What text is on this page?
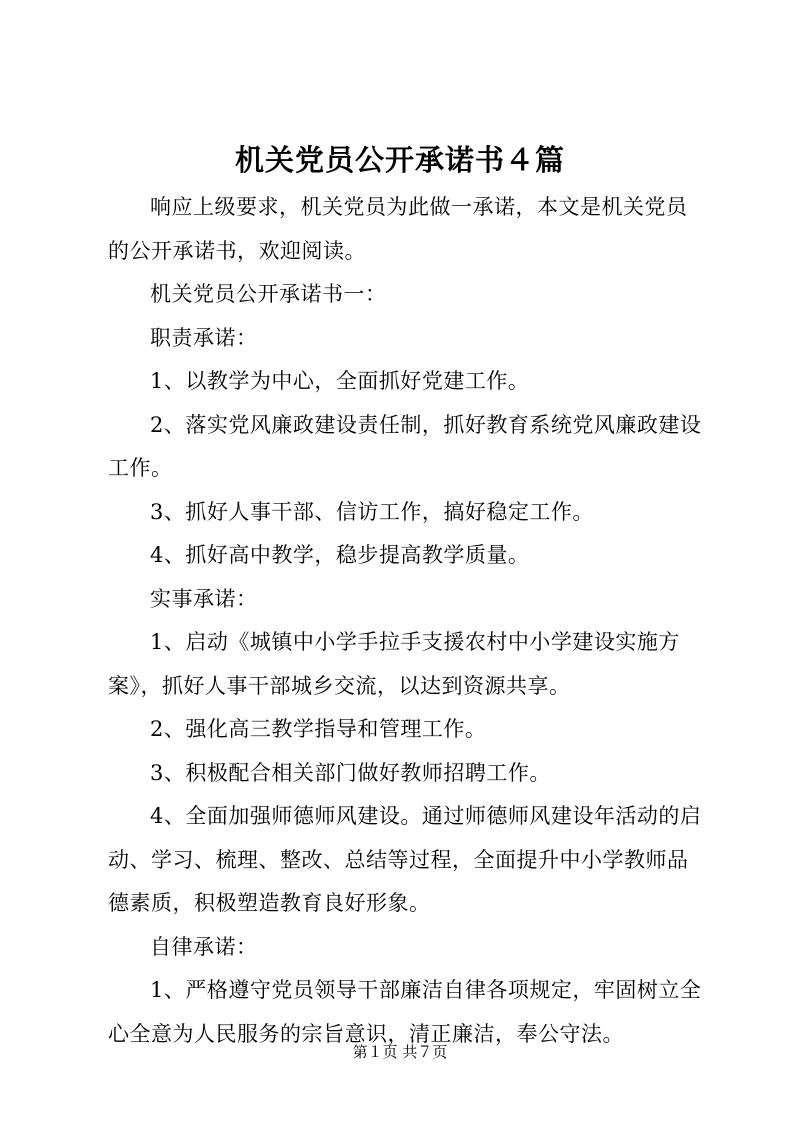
机关党员公开承诺书４篇

响应上级要求，机关党员为此做一承诺，本文是机关党员的公开承诺书，欢迎阅读。

机关党员公开承诺书一：

职责承诺：

1、以教学为中心，全面抓好党建工作。

2、落实党风廉政建设责任制，抓好教育系统党风廉政建设工作。

3、抓好人事干部、信访工作，搞好稳定工作。

4、抓好高中教学，稳步提高教学质量。

实事承诺：

1、启动《城镇中小学手拉手支援农村中小学建设实施方案》，抓好人事干部城乡交流，以达到资源共享。

2、强化高三教学指导和管理工作。

3、积极配合相关部门做好教师招聘工作。

4、全面加强师德师风建设。通过师德师风建设年活动的启动、学习、梳理、整改、总结等过程，全面提升中小学教师品德素质，积极塑造教育良好形象。

自律承诺：

1、严格遵守党员领导干部廉洁自律各项规定，牢固树立全心全意为人民服务的宗旨意识，清正廉洁，奉公守法。

第１页 共７页
